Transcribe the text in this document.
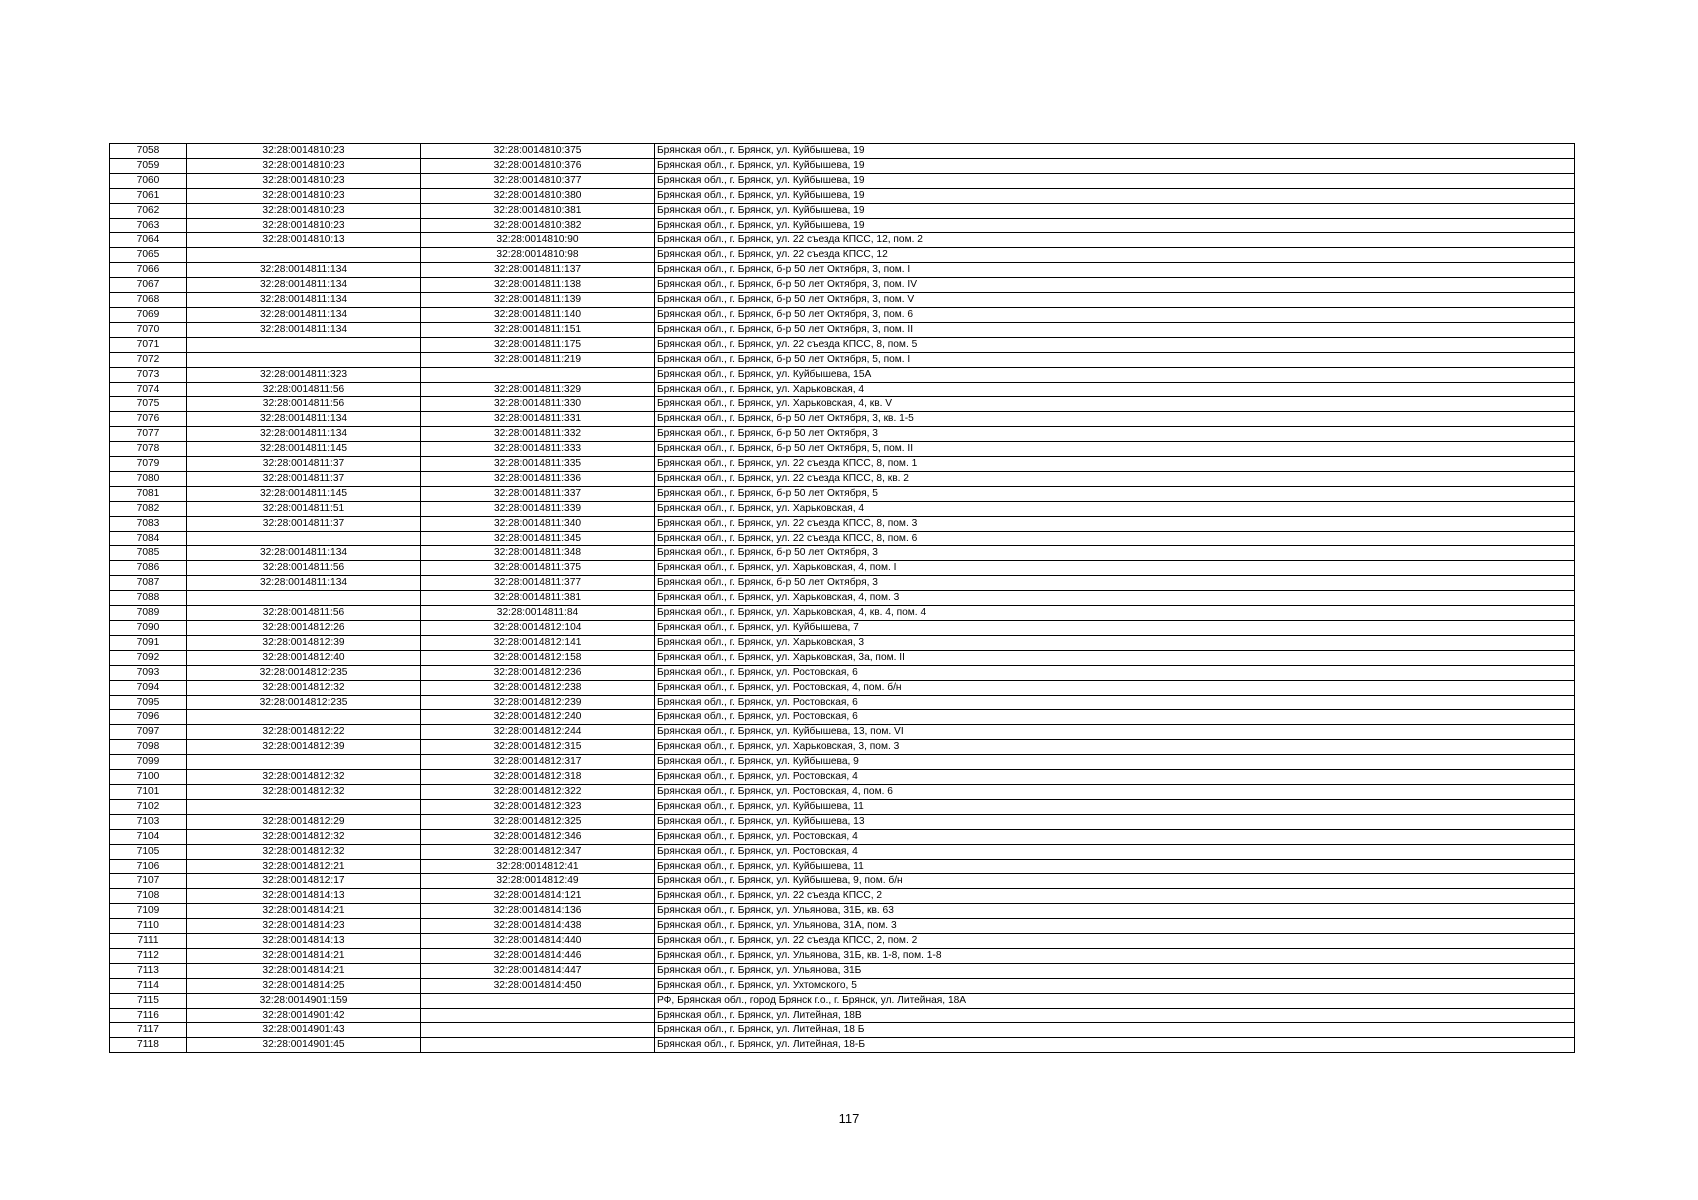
7058	32:28:0014810:23	32:28:0014810:375	Брянская обл., г. Брянск, ул. Куйбышева, 19
7059	32:28:0014810:23	32:28:0014810:376	Брянская обл., г. Брянск, ул. Куйбышева, 19
7060	32:28:0014810:23	32:28:0014810:377	Брянская обл., г. Брянск, ул. Куйбышева, 19
7061	32:28:0014810:23	32:28:0014810:380	Брянская обл., г. Брянск, ул. Куйбышева, 19
7062	32:28:0014810:23	32:28:0014810:381	Брянская обл., г. Брянск, ул. Куйбышева, 19
7063	32:28:0014810:23	32:28:0014810:382	Брянская обл., г. Брянск, ул. Куйбышева, 19
7064	32:28:0014810:13	32:28:0014810:90	Брянская обл., г. Брянск, ул. 22 съезда КПСС, 12, пом. 2
7065		32:28:0014810:98	Брянская обл., г. Брянск, ул. 22 съезда КПСС, 12
7066	32:28:0014811:134	32:28:0014811:137	Брянская обл., г. Брянск, б-р 50 лет Октября, 3, пом. I
7067	32:28:0014811:134	32:28:0014811:138	Брянская обл., г. Брянск, б-р 50 лет Октября, 3, пом. IV
7068	32:28:0014811:134	32:28:0014811:139	Брянская обл., г. Брянск, б-р 50 лет Октября, 3, пом. V
7069	32:28:0014811:134	32:28:0014811:140	Брянская обл., г. Брянск, б-р 50 лет Октября, 3, пом. 6
7070	32:28:0014811:134	32:28:0014811:151	Брянская обл., г. Брянск, б-р 50 лет Октября, 3, пом. II
7071		32:28:0014811:175	Брянская обл., г. Брянск, ул. 22 съезда КПСС, 8, пом. 5
7072		32:28:0014811:219	Брянская обл., г. Брянск, б-р 50 лет Октября, 5, пом. I
7073	32:28:0014811:323		Брянская обл., г. Брянск, ул. Куйбышева, 15А
7074	32:28:0014811:56	32:28:0014811:329	Брянская обл., г. Брянск, ул. Харьковская, 4
7075	32:28:0014811:56	32:28:0014811:330	Брянская обл., г. Брянск, ул. Харьковская, 4, кв. V
7076	32:28:0014811:134	32:28:0014811:331	Брянская обл., г. Брянск, б-р 50 лет Октября, 3, кв. 1-5
7077	32:28:0014811:134	32:28:0014811:332	Брянская обл., г. Брянск, б-р 50 лет Октября, 3
7078	32:28:0014811:145	32:28:0014811:333	Брянская обл., г. Брянск, б-р 50 лет Октября, 5, пом. II
7079	32:28:0014811:37	32:28:0014811:335	Брянская обл., г. Брянск, ул. 22 съезда КПСС, 8, пом. 1
7080	32:28:0014811:37	32:28:0014811:336	Брянская обл., г. Брянск, ул. 22 съезда КПСС, 8, кв. 2
7081	32:28:0014811:145	32:28:0014811:337	Брянская обл., г. Брянск, б-р 50 лет Октября, 5
7082	32:28:0014811:51	32:28:0014811:339	Брянская обл., г. Брянск, ул. Харьковская, 4
7083	32:28:0014811:37	32:28:0014811:340	Брянская обл., г. Брянск, ул. 22 съезда КПСС, 8, пом. 3
7084		32:28:0014811:345	Брянская обл., г. Брянск, ул. 22 съезда КПСС, 8, пом. 6
7085	32:28:0014811:134	32:28:0014811:348	Брянская обл., г. Брянск, б-р 50 лет Октября, 3
7086	32:28:0014811:56	32:28:0014811:375	Брянская обл., г. Брянск, ул. Харьковская, 4, пом. I
7087	32:28:0014811:134	32:28:0014811:377	Брянская обл., г. Брянск, б-р 50 лет Октября, 3
7088		32:28:0014811:381	Брянская обл., г. Брянск, ул. Харьковская, 4, пом. 3
7089	32:28:0014811:56	32:28:0014811:84	Брянская обл., г. Брянск, ул. Харьковская, 4, кв. 4, пом. 4
7090	32:28:0014812:26	32:28:0014812:104	Брянская обл., г. Брянск, ул. Куйбышева, 7
7091	32:28:0014812:39	32:28:0014812:141	Брянская обл., г. Брянск, ул. Харьковская, 3
7092	32:28:0014812:40	32:28:0014812:158	Брянская обл., г. Брянск, ул. Харьковская, 3а, пом. II
7093	32:28:0014812:235	32:28:0014812:236	Брянская обл., г. Брянск, ул. Ростовская, 6
7094	32:28:0014812:32	32:28:0014812:238	Брянская обл., г. Брянск, ул. Ростовская, 4, пом. б/н
7095	32:28:0014812:235	32:28:0014812:239	Брянская обл., г. Брянск, ул. Ростовская, 6
7096		32:28:0014812:240	Брянская обл., г. Брянск, ул. Ростовская, 6
7097	32:28:0014812:22	32:28:0014812:244	Брянская обл., г. Брянск, ул. Куйбышева, 13, пом. VI
7098	32:28:0014812:39	32:28:0014812:315	Брянская обл., г. Брянск, ул. Харьковская, 3, пом. 3
7099		32:28:0014812:317	Брянская обл., г. Брянск, ул. Куйбышева, 9
7100	32:28:0014812:32	32:28:0014812:318	Брянская обл., г. Брянск, ул. Ростовская, 4
7101	32:28:0014812:32	32:28:0014812:322	Брянская обл., г. Брянск, ул. Ростовская, 4, пом. 6
7102		32:28:0014812:323	Брянская обл., г. Брянск, ул. Куйбышева, 11
7103	32:28:0014812:29	32:28:0014812:325	Брянская обл., г. Брянск, ул. Куйбышева, 13
7104	32:28:0014812:32	32:28:0014812:346	Брянская обл., г. Брянск, ул. Ростовская, 4
7105	32:28:0014812:32	32:28:0014812:347	Брянская обл., г. Брянск, ул. Ростовская, 4
7106	32:28:0014812:21	32:28:0014812:41	Брянская обл., г. Брянск, ул. Куйбышева, 11
7107	32:28:0014812:17	32:28:0014812:49	Брянская обл., г. Брянск, ул. Куйбышева, 9, пом. б/н
7108	32:28:0014814:13	32:28:0014814:121	Брянская обл., г. Брянск, ул. 22 съезда КПСС, 2
7109	32:28:0014814:21	32:28:0014814:136	Брянская обл., г. Брянск, ул. Ульянова, 31Б, кв. 63
7110	32:28:0014814:23	32:28:0014814:438	Брянская обл., г. Брянск, ул. Ульянова, 31А, пом. 3
7111	32:28:0014814:13	32:28:0014814:440	Брянская обл., г. Брянск, ул. 22 съезда КПСС, 2, пом. 2
7112	32:28:0014814:21	32:28:0014814:446	Брянская обл., г. Брянск, ул. Ульянова, 31Б, кв. 1-8, пом. 1-8
7113	32:28:0014814:21	32:28:0014814:447	Брянская обл., г. Брянск, ул. Ульянова, 31Б
7114	32:28:0014814:25	32:28:0014814:450	Брянская обл., г. Брянск, ул. Ухтомского, 5
7115	32:28:0014901:159		РФ, Брянская обл., город Брянск г.о., г. Брянск, ул. Литейная, 18А
7116	32:28:0014901:42		Брянская обл., г. Брянск, ул. Литейная, 18В
7117	32:28:0014901:43		Брянская обл., г. Брянск, ул. Литейная, 18 Б
7118	32:28:0014901:45		Брянская обл., г. Брянск, ул. Литейная, 18-Б
117
